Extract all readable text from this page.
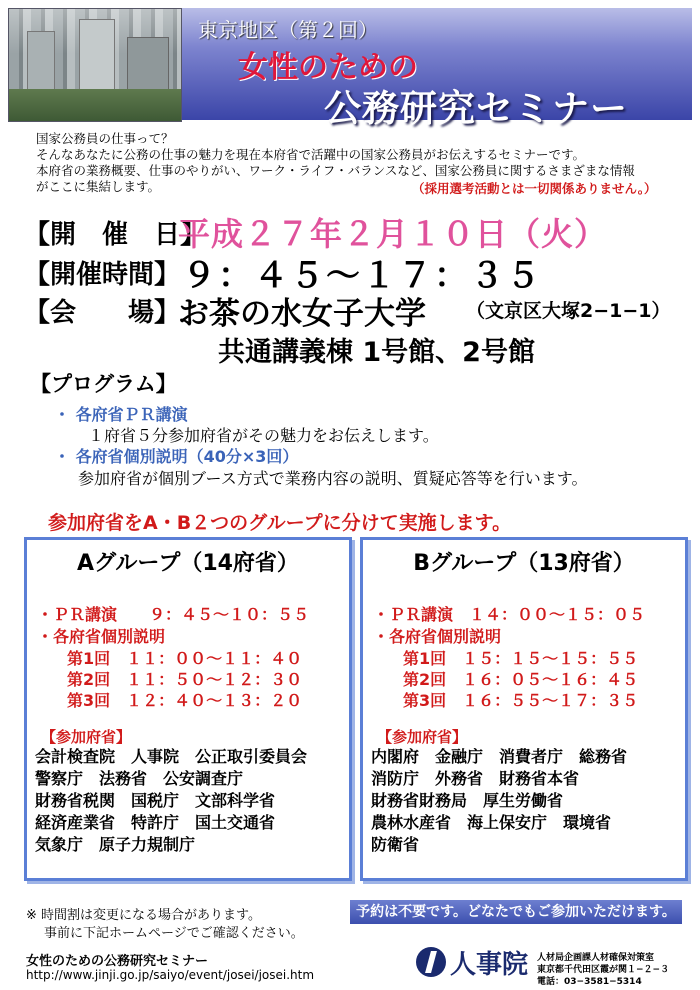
東京地区（第２回）
女性のための
公務研究セミナー
国家公務員の仕事って？
そんなあなたに公務の仕事の魅力を現在本府省で活躍中の国家公務員がお伝えするセミナーです。
本府省の業務概要、仕事のやりがい、ワーク・ライフ・バランスなど、国家公務員に関するさまざまな情報
がここに集結します。	（採用選考活動とは一切関係ありません。）
【開　催　日】
平成２７年２月１０日（火）
【開催時間】 ９：４５～１７：３５
【会　　場】
お茶の水女子大学 （文京区大塚2−1−1）
共通講義棟 1号館、2号館
【プログラム】
・ 各府省ＰＲ講演
１府省５分参加府省がその魅力をお伝えします。
・ 各府省個別説明（40分×3回）
参加府省が個別ブース方式で業務内容の説明、質疑応答等を行います。
参加府省をA・B２つのグループに分けて実施します。
Aグループ（14府省）
・ＰＲ講演　　９：４５～１０：５５
・各府省個別説明
第1回　１１：００～１１：４０
第2回　１１：５０～１２：３０
第3回　１２：４０～１３：２０
【参加府省】
会計検査院　人事院　公正取引委員会
警察庁　法務省　公安調査庁
財務省税関　国税庁　文部科学省
経済産業省　特許庁　国土交通省
気象庁　原子力規制庁
Bグループ（13府省）
・ＰＲ講演　１４：００～１５：０５
・各府省個別説明
第1回　１５：１５～１５：５５
第2回　１６：０５～１６：４５
第3回　１６：５５～１７：３５
【参加府省】
内閣府　金融庁　消費者庁　総務省
消防庁　外務省　財務省本省
財務省財務局　厚生労働省
農林水産省　海上保安庁　環境省
防衛省
※ 時間割は変更になる場合があります。
事前に下記ホームページでご確認ください。
予約は不要です。どなたでもご参加いただけます。
女性のための公務研究セミナー
http://www.jinji.go.jp/saiyo/event/josei/josei.htm	人事院 人材局企画課人材確保対策室
東京都千代田区霞が関１−２−３
電話：03−3581−5314
